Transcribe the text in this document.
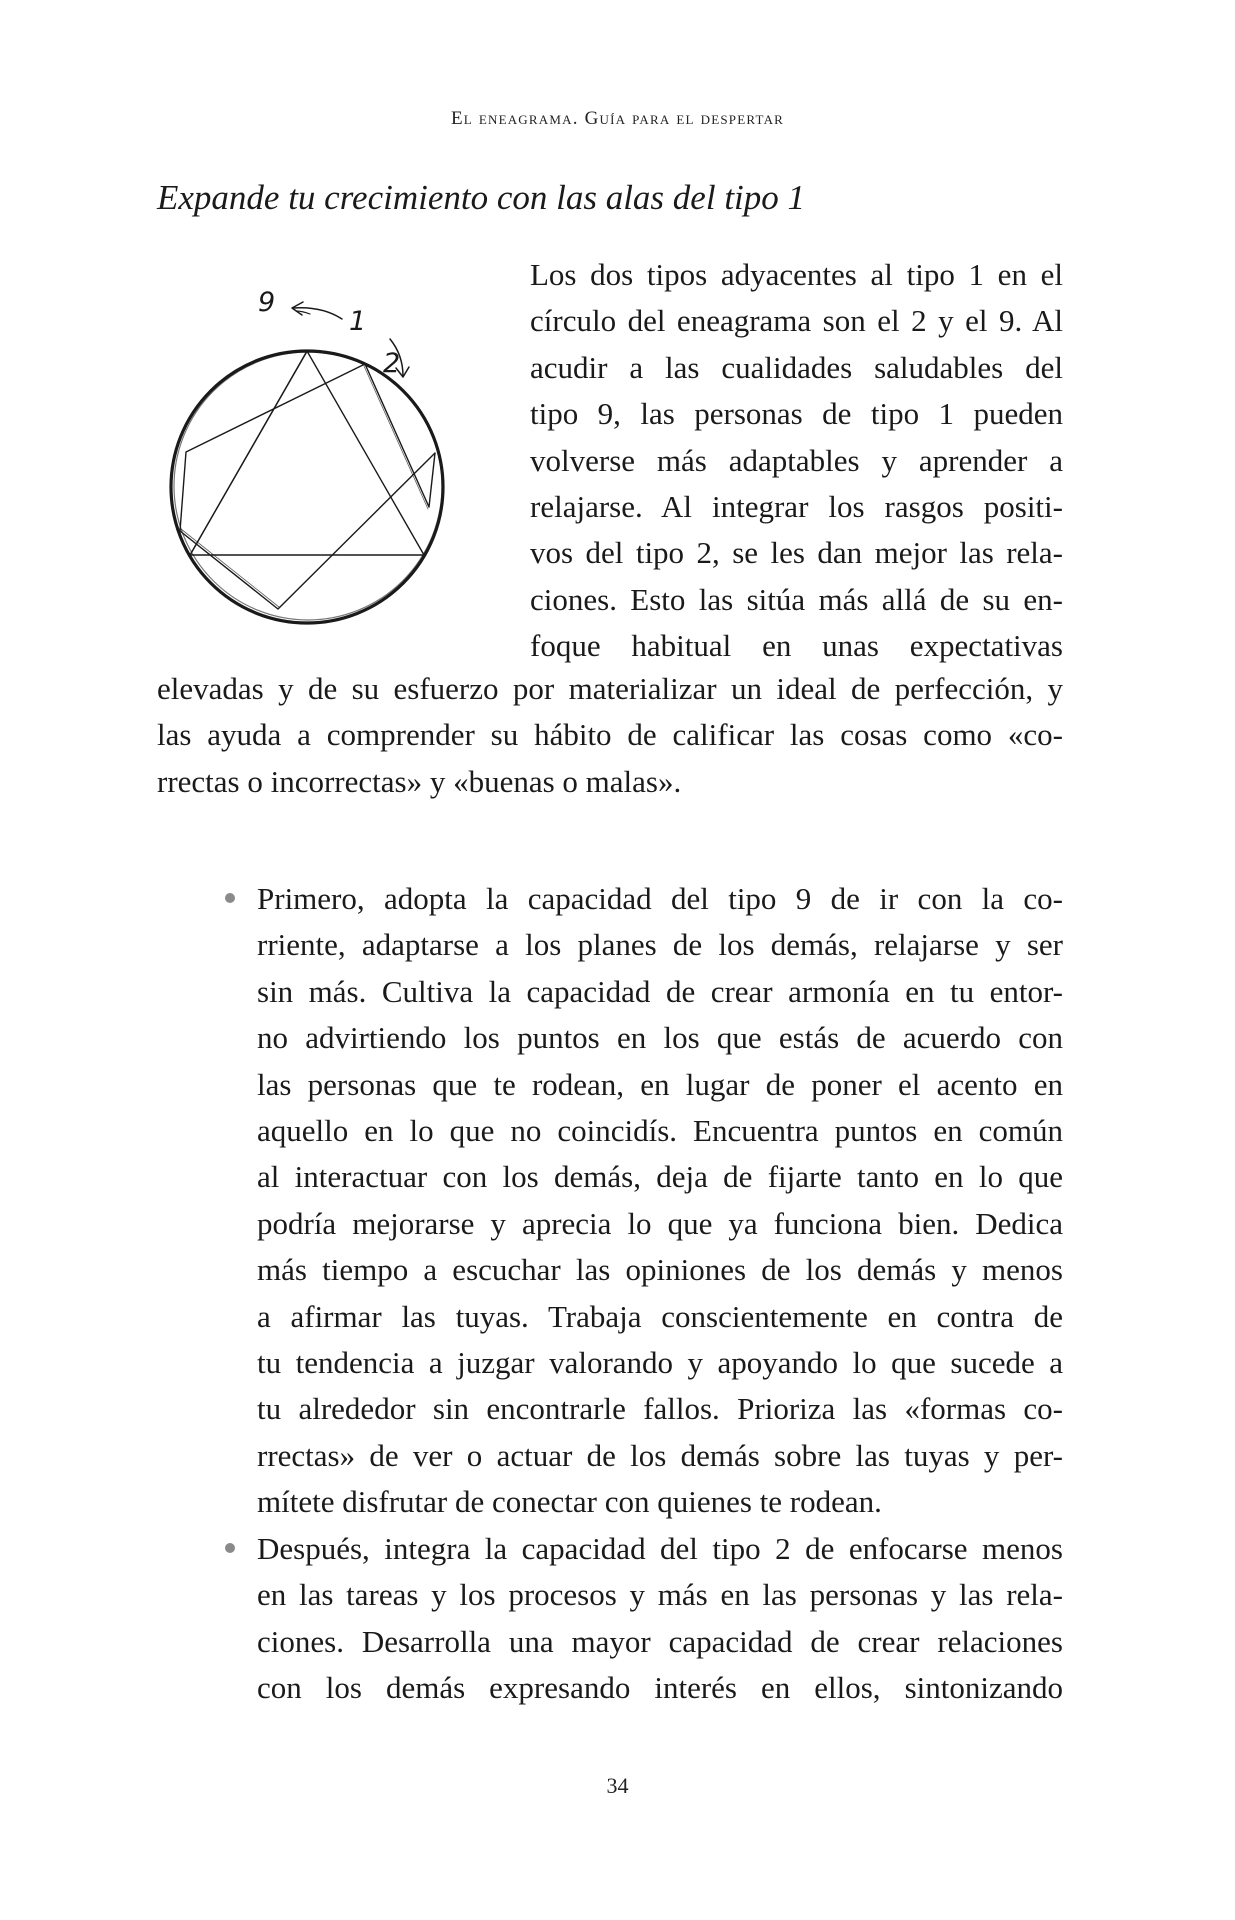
El eneagrama. Guía para el despertar
Expande tu crecimiento con las alas del tipo 1
9
1
2
Los dos tipos adyacentes al tipo 1 en el
círculo del eneagrama son el 2 y el 9. Al
acudir a las cualidades saludables del
tipo 9, las personas de tipo 1 pueden
volverse más adaptables y aprender a
relajarse. Al integrar los rasgos positi-
vos del tipo 2, se les dan mejor las rela-
ciones. Esto las sitúa más allá de su en-
foque habitual en unas expectativas
elevadas y de su esfuerzo por materializar un ideal de perfección, y
las ayuda a comprender su hábito de calificar las cosas como «co-
rrectas o incorrectas» y «buenas o malas».
Primero, adopta la capacidad del tipo 9 de ir con la co-
rriente, adaptarse a los planes de los demás, relajarse y ser
sin más. Cultiva la capacidad de crear armonía en tu entor-
no advirtiendo los puntos en los que estás de acuerdo con
las personas que te rodean, en lugar de poner el acento en
aquello en lo que no coincidís. Encuentra puntos en común
al interactuar con los demás, deja de fijarte tanto en lo que
podría mejorarse y aprecia lo que ya funciona bien. Dedica
más tiempo a escuchar las opiniones de los demás y menos
a afirmar las tuyas. Trabaja conscientemente en contra de
tu tendencia a juzgar valorando y apoyando lo que sucede a
tu alrededor sin encontrarle fallos. Prioriza las «formas co-
rrectas» de ver o actuar de los demás sobre las tuyas y per-
mítete disfrutar de conectar con quienes te rodean.
Después, integra la capacidad del tipo 2 de enfocarse menos
en las tareas y los procesos y más en las personas y las rela-
ciones. Desarrolla una mayor capacidad de crear relaciones
con los demás expresando interés en ellos, sintonizando
34
